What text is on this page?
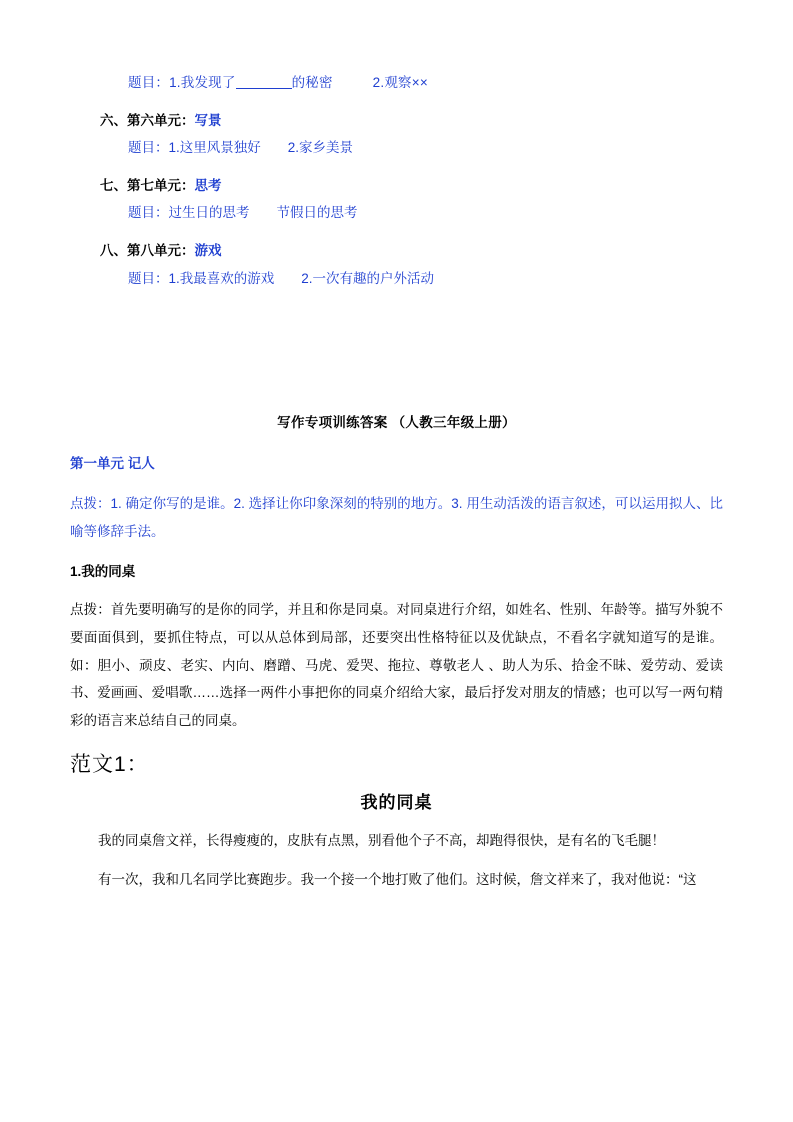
题目：1.我发现了	的秘密	2.观察××
六、第六单元：写景
题目：1.这里风景独好　　2.家乡美景
七、第七单元：思考
题目：过生日的思考　　节假日的思考
八、第八单元：游戏
题目：1.我最喜欢的游戏　　2.一次有趣的户外活动
写作专项训练答案 （人教三年级上册）
第一单元 记人
点拨：1. 确定你写的是谁。2. 选择让你印象深刻的特别的地方。3. 用生动活泼的语言叙述，可以运用拟人、比喻等修辞手法。
1.我的同桌
点拨：首先要明确写的是你的同学，并且和你是同桌。对同桌进行介绍，如姓名、性别、年龄等。描写外貌不要面面俱到，要抓住特点，可以从总体到局部，还要突出性格特征以及优缺点，不看名字就知道写的是谁。如：胆小、顽皮、老实、内向、磨蹭、马虎、爱哭、拖拉、尊敬老人 、助人为乐、拾金不昧、爱劳动、爱读书、爱画画、爱唱歌……选择一两件小事把你的同桌介绍给大家，最后抒发对朋友的情感；也可以写一两句精彩的语言来总结自己的同桌。
范文1：
我的同桌
我的同桌詹文祥，长得瘦瘦的，皮肤有点黑，别看他个子不高，却跑得很快，是有名的飞毛腿！
有一次，我和几名同学比赛跑步。我一个接一个地打败了他们。这时候，詹文祥来了，我对他说：“这
